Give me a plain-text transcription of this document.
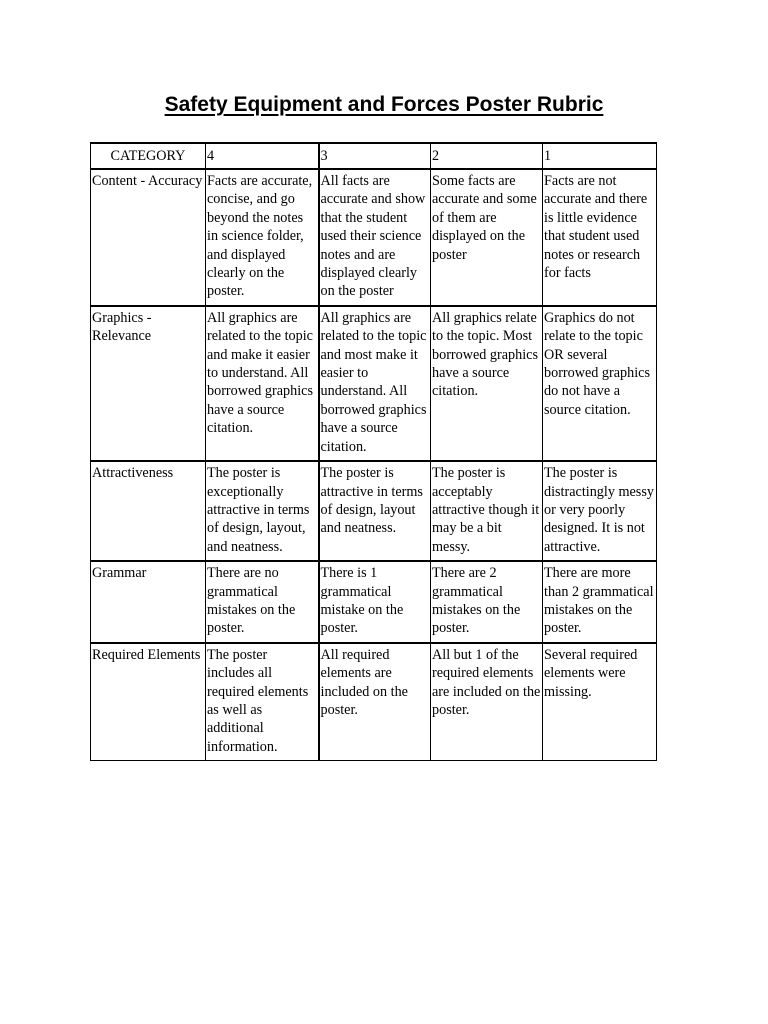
Safety Equipment and Forces Poster Rubric
CATEGORY	4	3	2	1
Content - Accuracy	Facts are accurate, concise, and go beyond the notes in science folder, and displayed clearly on the poster.	All facts are accurate and show that the student used their science notes and are displayed clearly on the poster	Some facts are accurate and some of them are displayed on the poster	Facts are not accurate and there is little evidence that student used notes or research for facts
Graphics - Relevance	All graphics are related to the topic and make it easier to understand. All borrowed graphics have a source citation.	All graphics are related to the topic and most make it easier to understand. All borrowed graphics have a source citation.	All graphics relate to the topic. Most borrowed graphics have a source citation.	Graphics do not relate to the topic OR several borrowed graphics do not have a source citation.
Attractiveness	The poster is exceptionally attractive in terms of design, layout, and neatness.	The poster is attractive in terms of design, layout and neatness.	The poster is acceptably attractive though it may be a bit messy.	The poster is distractingly messy or very poorly designed. It is not attractive.
Grammar	There are no grammatical mistakes on the poster.	There is 1 grammatical mistake on the poster.	There are 2 grammatical mistakes on the poster.	There are more than 2 grammatical mistakes on the poster.
Required Elements	The poster includes all required elements as well as additional information.	All required elements are included on the poster.	All but 1 of the required elements are included on the poster.	Several required elements were missing.
